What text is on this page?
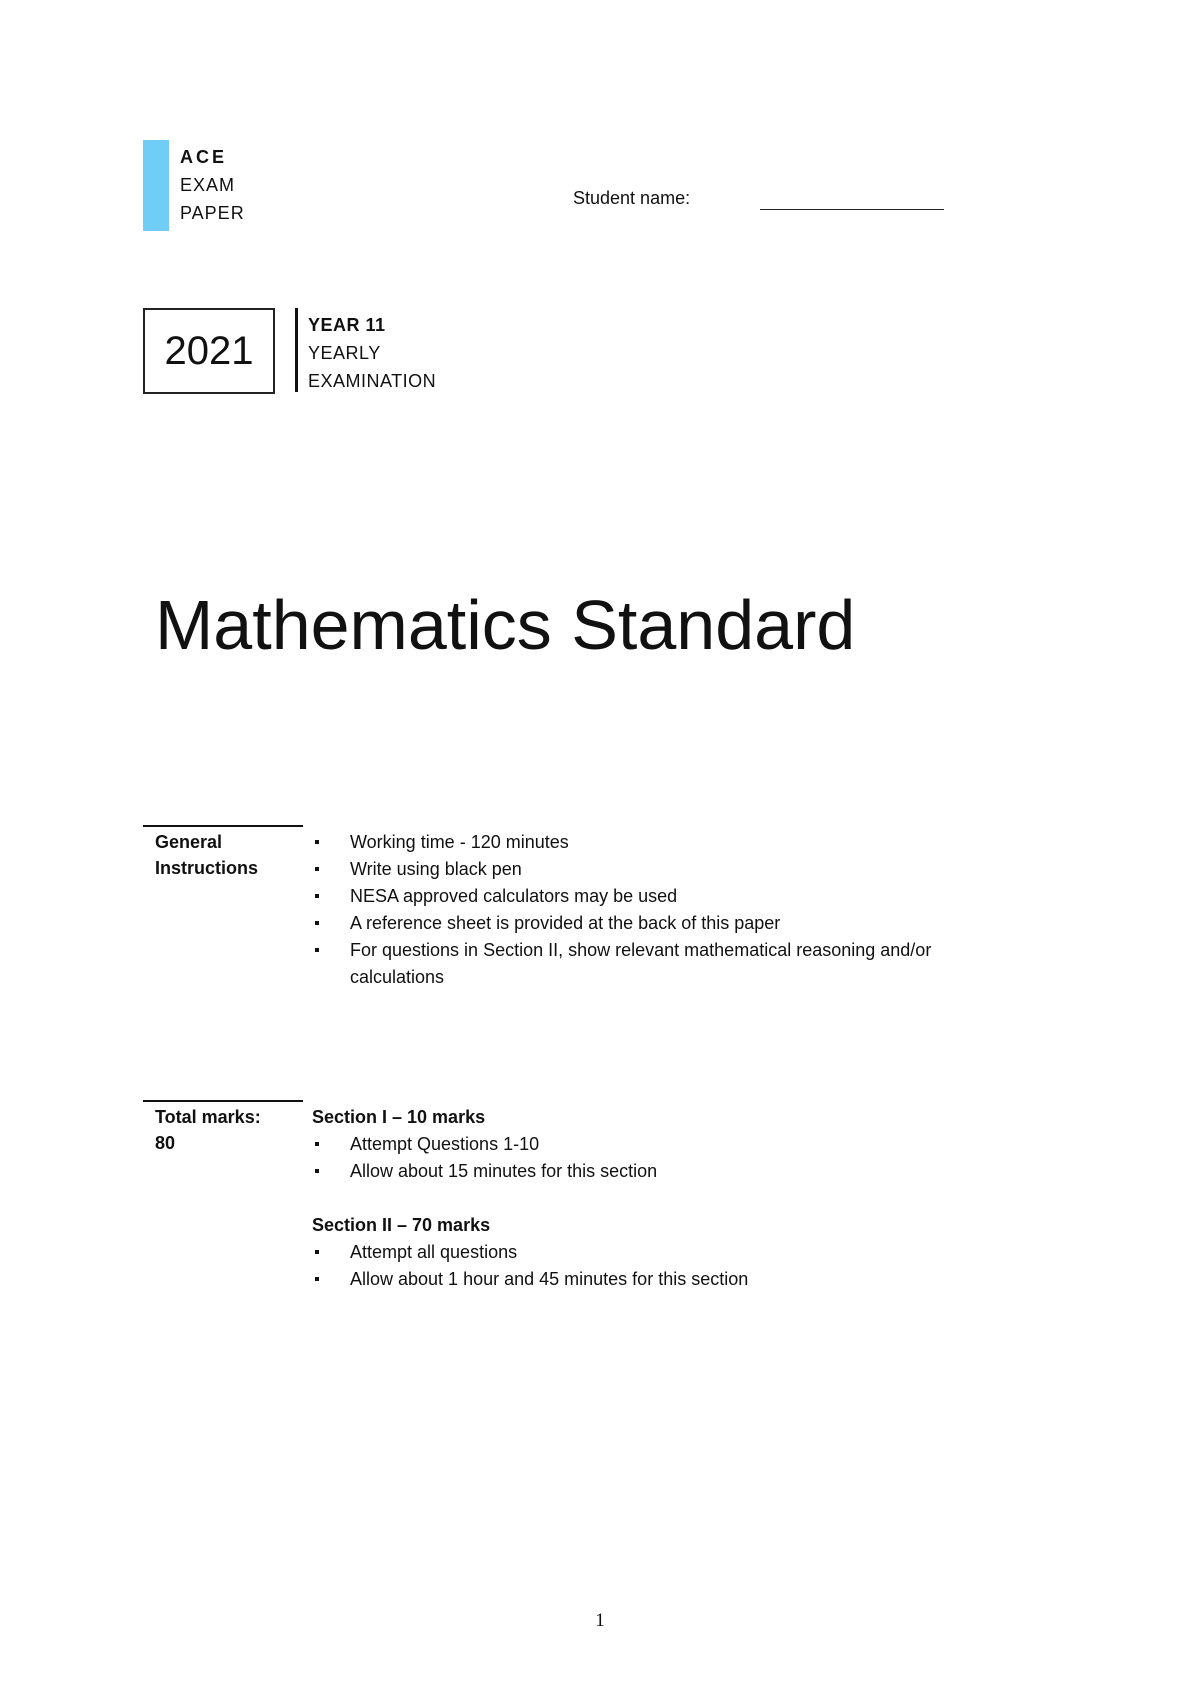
ACE
EXAM
PAPER
Student name:
2021
YEAR 11
YEARLY
EXAMINATION
Mathematics Standard
General
Instructions
Working time - 120 minutes
Write using black pen
NESA approved calculators may be used
A reference sheet is provided at the back of this paper
For questions in Section II, show relevant mathematical reasoning and/or calculations
Total marks:
80
Section I – 10 marks
Attempt Questions 1-10
Allow about 15 minutes for this section
Section II – 70 marks
Attempt all questions
Allow about 1 hour and 45 minutes for this section
1
